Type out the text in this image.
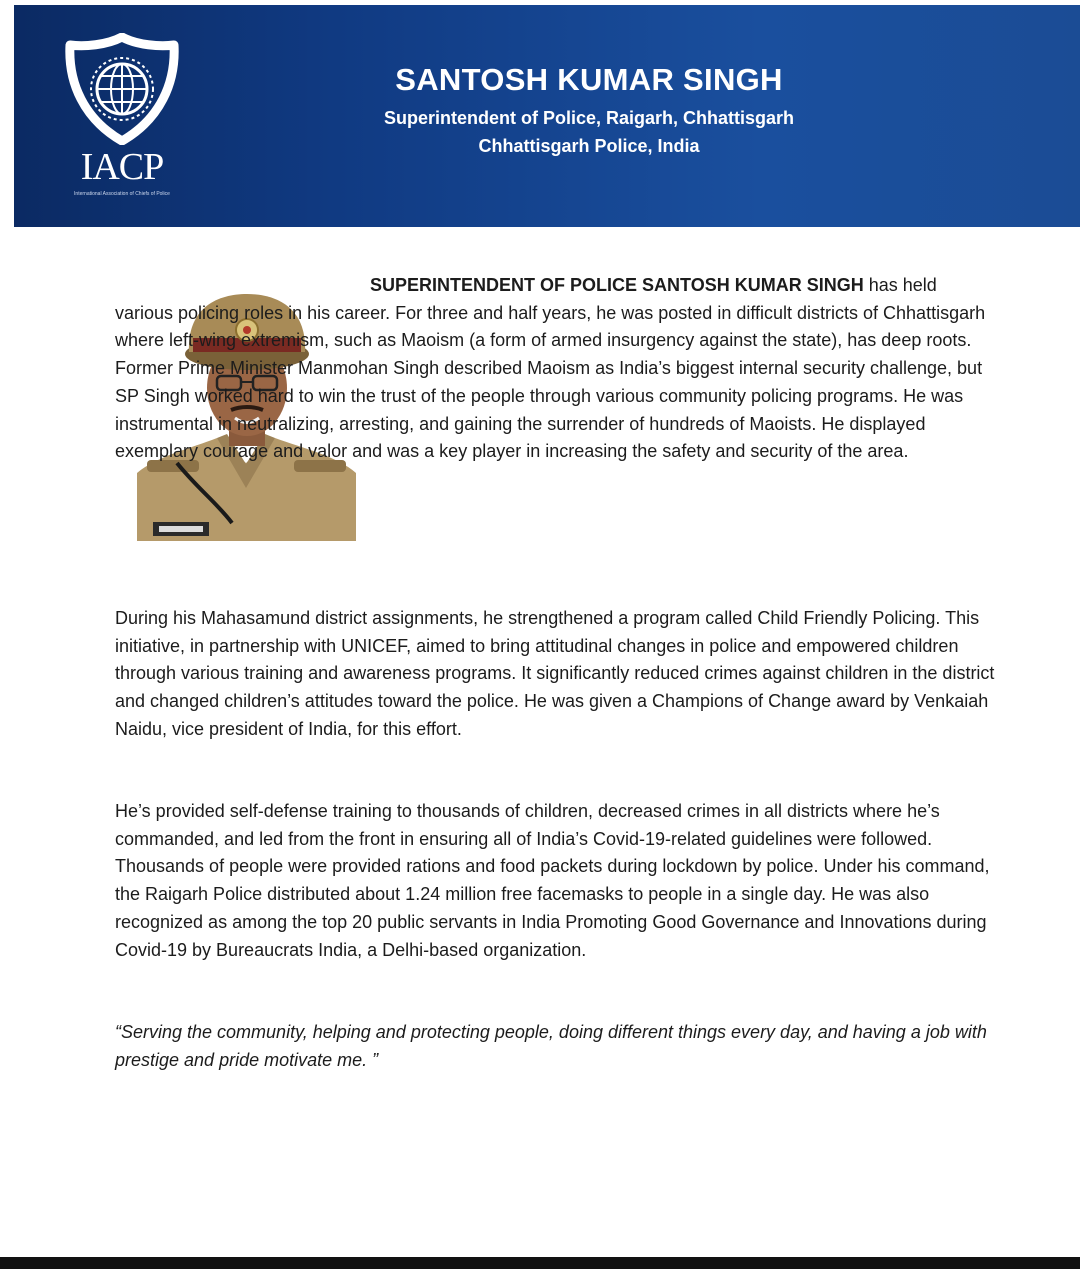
IACP
International Association of Chiefs of Police
SANTOSH KUMAR SINGH
Superintendent of Police, Raigarh, Chhattisgarh
Chhattisgarh Police, India

SUPERINTENDENT OF POLICE SANTOSH KUMAR SINGH has held various policing roles in his career. For three and half years, he was posted in difficult districts of Chhattisgarh where left-wing extremism, such as Maoism (a form of armed insurgency against the state), has deep roots. Former Prime Minister Manmohan Singh described Maoism as India’s biggest internal security challenge, but SP Singh worked hard to win the trust of the people through various community policing programs. He was instrumental in neutralizing, arresting, and gaining the surrender of hundreds of Maoists. He displayed exemplary courage and valor and was a key player in increasing the safety and security of the area.

During his Mahasamund district assignments, he strengthened a program called Child Friendly Policing. This initiative, in partnership with UNICEF, aimed to bring attitudinal changes in police and empowered children through various training and awareness programs. It significantly reduced crimes against children in the district and changed children’s attitudes toward the police. He was given a Champions of Change award by Venkaiah Naidu, vice president of India, for this effort.

He’s provided self-defense training to thousands of children, decreased crimes in all districts where he’s commanded, and led from the front in ensuring all of India’s Covid-19-related guidelines were followed. Thousands of people were provided rations and food packets during lockdown by police. Under his command, the Raigarh Police distributed about 1.24 million free facemasks to people in a single day. He was also recognized as among the top 20 public servants in India Promoting Good Governance and Innovations during Covid-19 by Bureaucrats India, a Delhi-based organization.

“Serving the community, helping and protecting people, doing different things every day, and having a job with prestige and pride motivate me. ”
